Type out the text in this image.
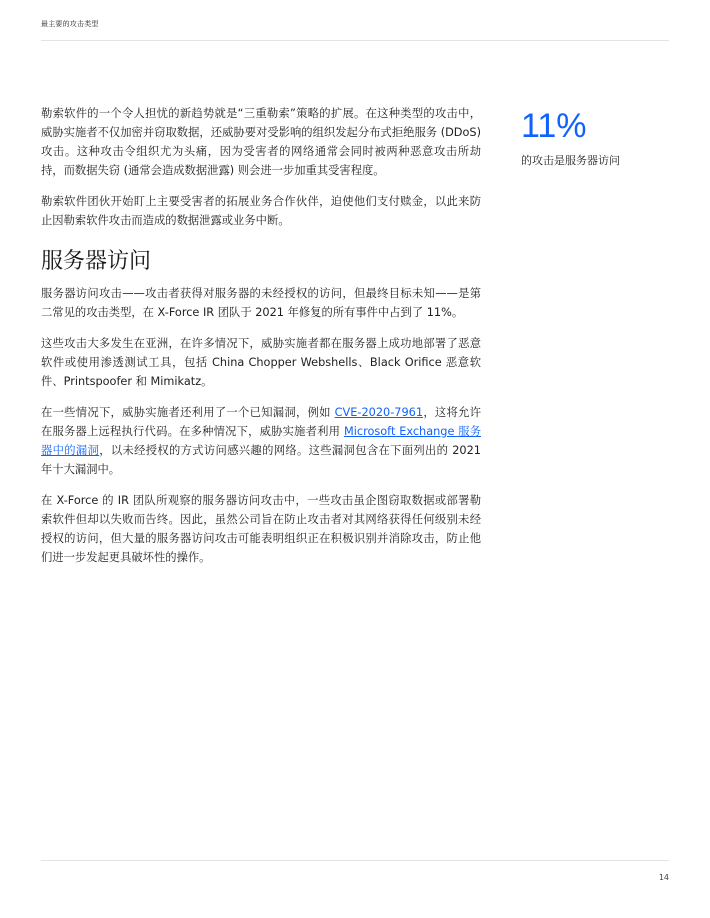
最主要的攻击类型

勒索软件的一个令人担忧的新趋势就是“三重勒索”策略的扩展。在这种类型的攻击中，威胁实施者不仅加密并窃取数据，还威胁要对受影响的组织发起分布式拒绝服务 (DDoS) 攻击。这种攻击令组织尤为头痛，因为受害者的网络通常会同时被两种恶意攻击所劫持，而数据失窃 (通常会造成数据泄露) 则会进一步加重其受害程度。

勒索软件团伙开始盯上主要受害者的拓展业务合作伙伴，迫使他们支付赎金，以此来防止因勒索软件攻击而造成的数据泄露或业务中断。

服务器访问

服务器访问攻击——攻击者获得对服务器的未经授权的访问，但最终目标未知——是第二常见的攻击类型，在 X-Force IR 团队于 2021 年修复的所有事件中占到了 11%。

这些攻击大多发生在亚洲，在许多情况下，威胁实施者都在服务器上成功地部署了恶意软件或使用渗透测试工具，包括 China Chopper Webshells、Black Orifice 恶意软件、Printspoofer 和 Mimikatz。

在一些情况下，威胁实施者还利用了一个已知漏洞，例如 CVE-2020-7961，这将允许在服务器上远程执行代码。在多种情况下，威胁实施者利用 Microsoft Exchange 服务器中的漏洞，以未经授权的方式访问感兴趣的网络。这些漏洞包含在下面列出的 2021 年十大漏洞中。

在 X-Force 的 IR 团队所观察的服务器访问攻击中，一些攻击虽企图窃取数据或部署勒索软件但却以失败而告终。因此，虽然公司旨在防止攻击者对其网络获得任何级别未经授权的访问，但大量的服务器访问攻击可能表明组织正在积极识别并消除攻击，防止他们进一步发起更具破坏性的操作。

11%
的攻击是服务器访问
14
